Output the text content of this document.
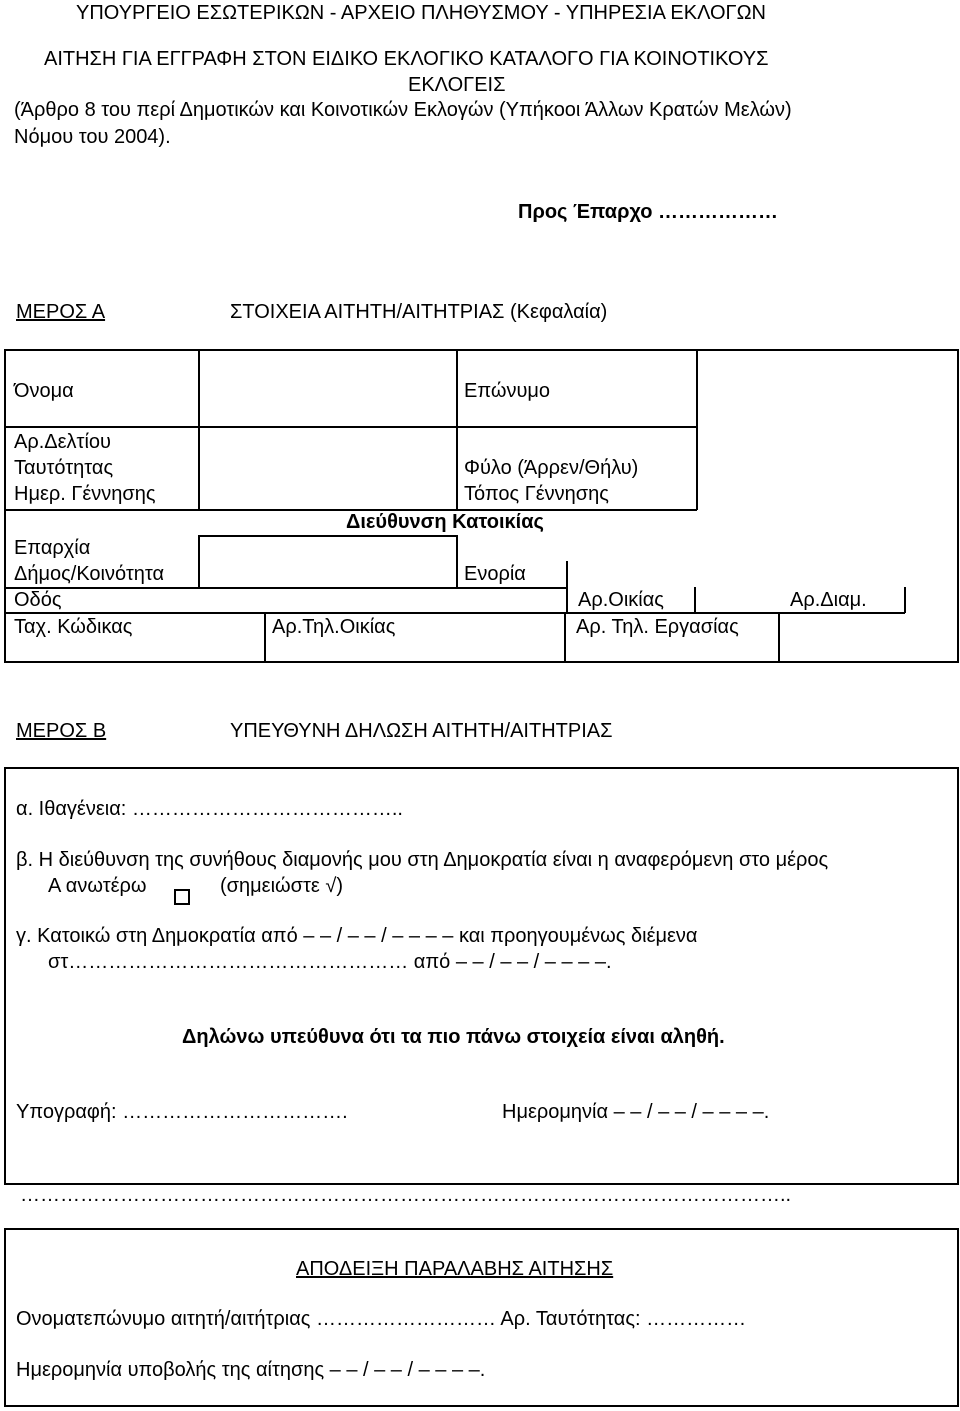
ΥΠΟΥΡΓΕΙΟ ΕΣΩΤΕΡΙΚΩΝ - ΑΡΧΕΙΟ ΠΛΗΘΥΣΜΟΥ - ΥΠΗΡΕΣΙΑ ΕΚΛΟΓΩΝ
ΑΙΤΗΣΗ ΓΙΑ ΕΓΓΡΑΦΗ ΣΤΟΝ ΕΙΔΙΚΟ ΕΚΛΟΓΙΚΟ ΚΑΤΑΛΟΓΟ ΓΙΑ ΚΟΙΝΟΤΙΚΟΥΣ
ΕΚΛΟΓΕΙΣ
(Άρθρο 8 του περί Δημοτικών και Κοινοτικών Εκλογών (Υπήκοοι Άλλων Κρατών Μελών)
Νόμου του 2004).
Προς Έπαρχο ………………
ΜΕΡΟΣ Α	ΣΤΟΙΧΕΙΑ ΑΙΤΗΤΗ/ΑΙΤΗΤΡΙΑΣ (Κεφαλαία)
Όνομα	Επώνυμο
Αρ.Δελτίου
Ταυτότητας	Φύλο (Άρρεν/Θήλυ)
Ημερ. Γέννησης	Τόπος Γέννησης
Διεύθυνση Κατοικίας
Επαρχία
Δήμος/Κοινότητα	Ενορία
Οδός	Αρ.Οικίας	Αρ.Διαμ.
Ταχ. Κώδικας	Αρ.Τηλ.Οικίας	Αρ. Τηλ. Εργασίας
ΜΕΡΟΣ Β	ΥΠΕΥΘΥΝΗ ΔΗΛΩΣΗ ΑΙΤΗΤΗ/ΑΙΤΗΤΡΙΑΣ
α. Ιθαγένεια: …………………………………..
β. Η διεύθυνση της συνήθους διαμονής μου στη Δημοκρατία είναι η αναφερόμενη στο μέρος
Α ανωτέρω	(σημειώστε √)
γ. Κατοικώ στη Δημοκρατία από ‒ ‒ / ‒ ‒ / ‒ ‒ ‒ ‒ και προηγουμένως διέμενα
στ…………………………………………… από ‒ ‒ / ‒ ‒ / ‒ ‒ ‒ ‒.
Δηλώνω υπεύθυνα ότι τα πιο πάνω στοιχεία είναι αληθή.
Υπογραφή: …………………………….	Ημερομηνία ‒ ‒ / ‒ ‒ / ‒ ‒ ‒ ‒.
……………………………………………………………………………………………………..
ΑΠΟΔΕΙΞΗ ΠΑΡΑΛΑΒΗΣ ΑΙΤΗΣΗΣ
Ονοματεπώνυμο αιτητή/αιτήτριας ……………………… Αρ. Ταυτότητας: ……………
Ημερομηνία υποβολής της αίτησης ‒ ‒ / ‒ ‒ / ‒ ‒ ‒ ‒.
